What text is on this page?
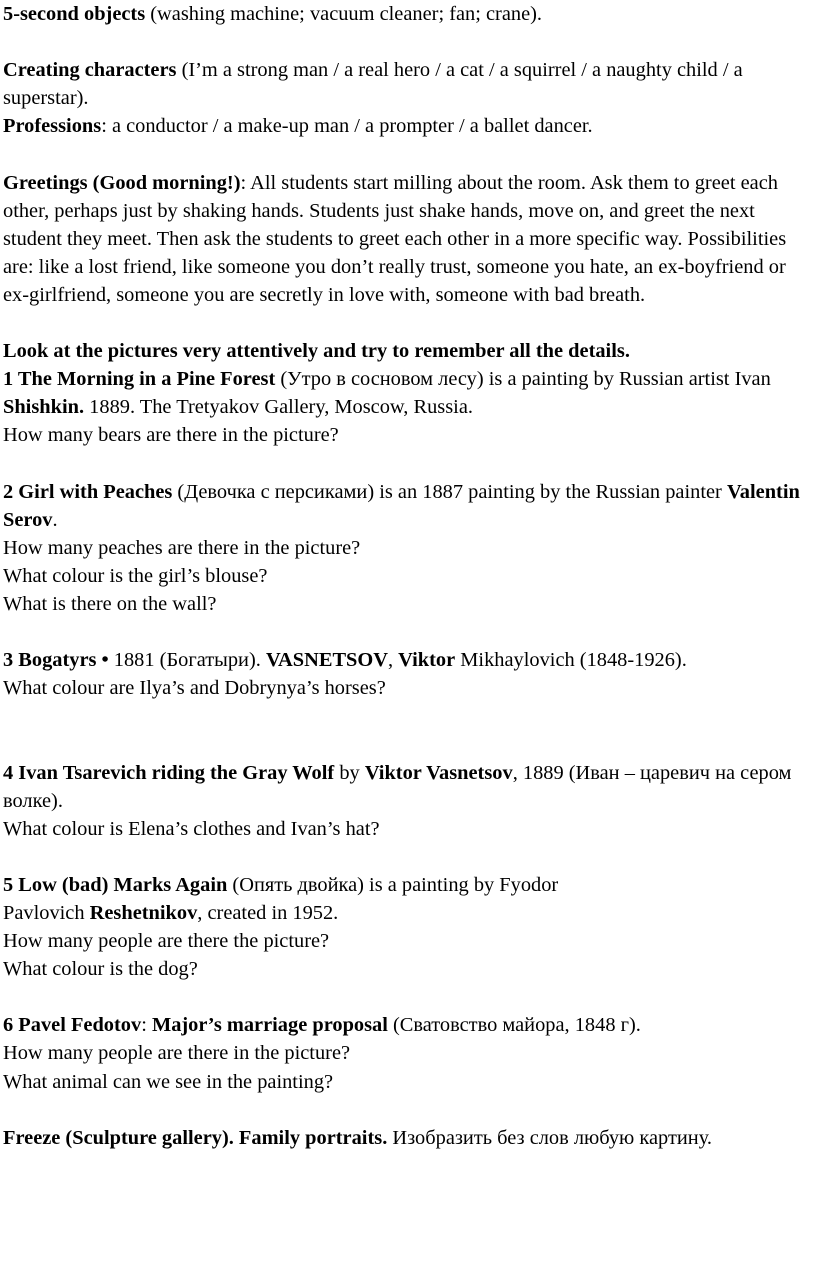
5-second objects (washing machine; vacuum cleaner; fan; crane).

Creating characters (I’m a strong man / a real hero / a cat / a squirrel / a naughty child / a superstar).

Professions: a conductor / a make-up man / a prompter / a ballet dancer.

Greetings (Good morning!): All students start milling about the room. Ask them to greet each other, perhaps just by shaking hands. Students just shake hands, move on, and greet the next student they meet. Then ask the students to greet each other in a more specific way. Possibilities are: like a lost friend, like someone you don’t really trust, someone you hate, an ex-boyfriend or ex-girlfriend, someone you are secretly in love with, someone with bad breath.

Look at the pictures very attentively and try to remember all the details.

1 The Morning in a Pine Forest (Утро в сосновом лесу) is a painting by Russian artist Ivan Shishkin. 1889. The Tretyakov Gallery, Moscow, Russia.

How many bears are there in the picture?

2 Girl with Peaches (Девочка с персиками) is an 1887 painting by the Russian painter Valentin Serov.

How many peaches are there in the picture?

What colour is the girl’s blouse?

What is there on the wall?

3 Bogatyrs • 1881 (Богатыри). VASNETSOV, Viktor Mikhaylovich (1848-1926).

What colour are Ilya’s and Dobrynya’s horses?

4 Ivan Tsarevich riding the Gray Wolf by Viktor Vasnetsov, 1889 (Иван – царевич на сером волке).

What colour is Elena’s clothes and Ivan’s hat?

5 Low (bad) Marks Again (Опять двойка) is a painting by Fyodor
Pavlovich Reshetnikov, created in 1952.

How many people are there the picture?

What colour is the dog?

6 Pavel Fedotov: Major’s marriage proposal (Сватовство майора, 1848 г).

How many people are there in the picture?

What animal can we see in the painting?

Freeze (Sculpture gallery). Family portraits. Изобразить без слов любую картину.
